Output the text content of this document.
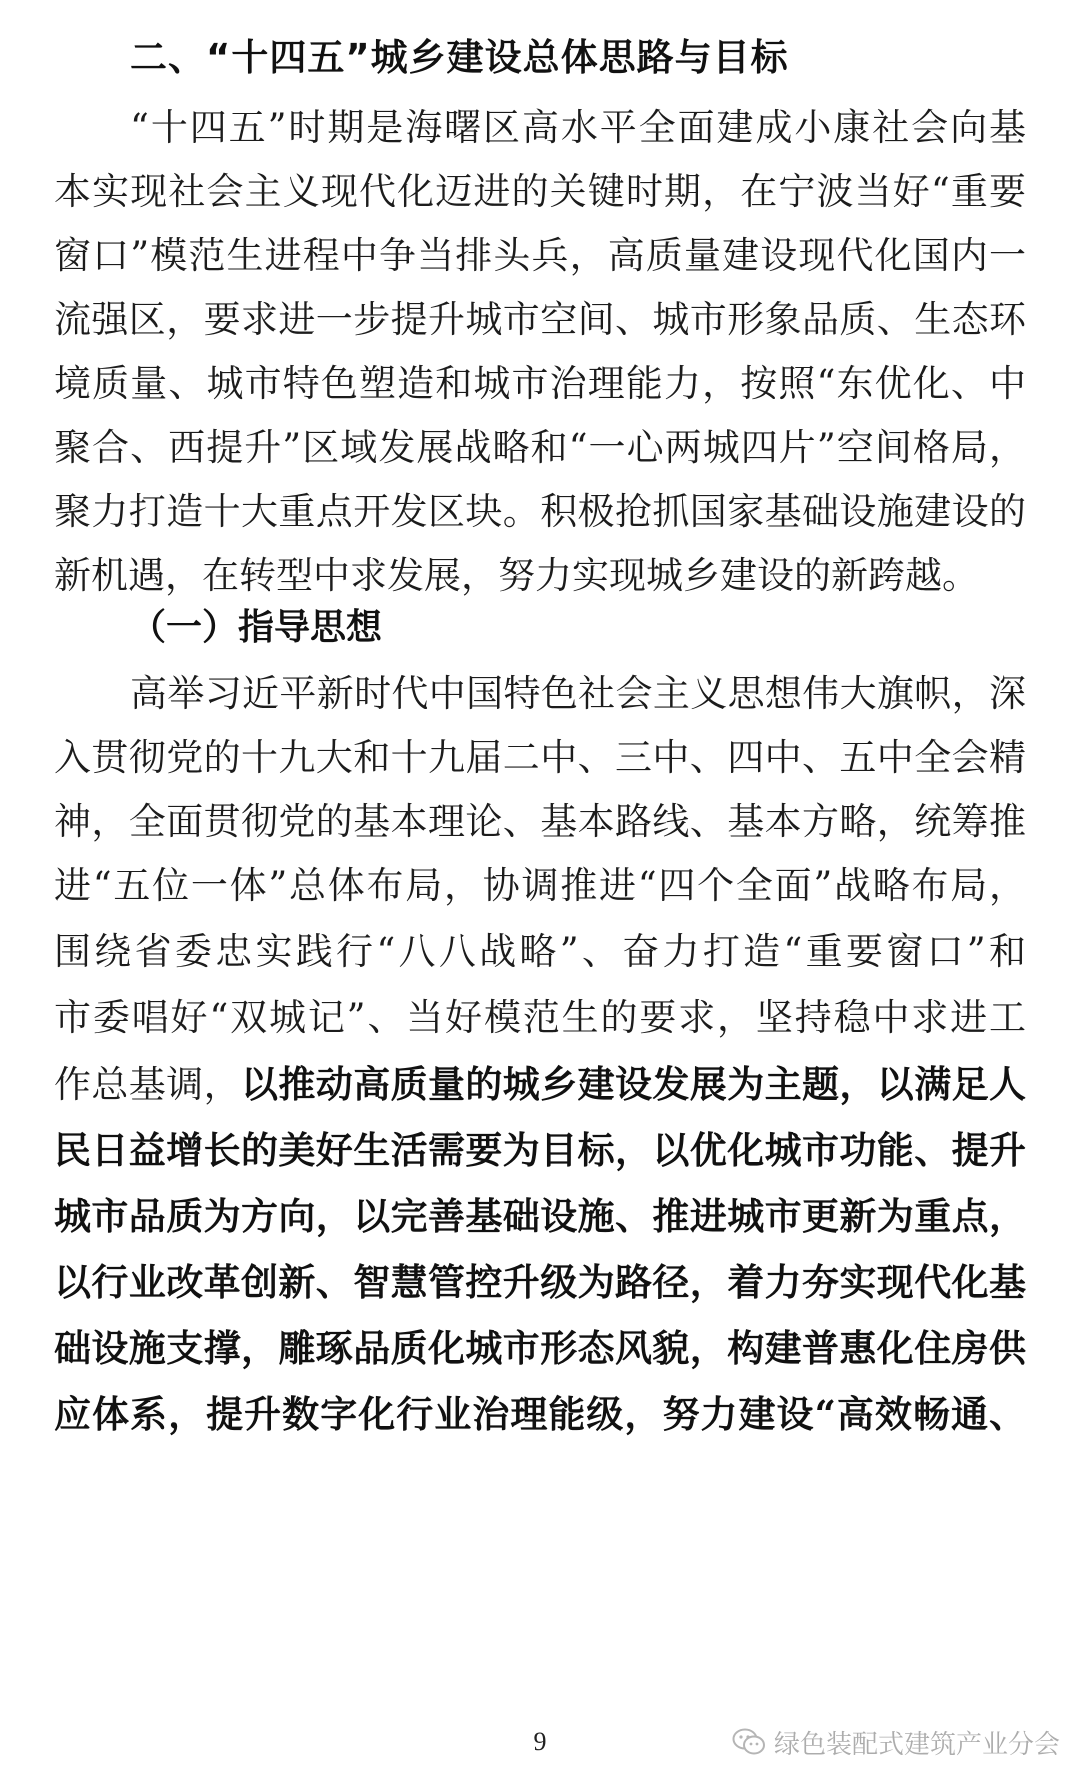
二、“十四五”城乡建设总体思路与目标
“十四五”时期是海曙区高水平全面建成小康社会向基
本实现社会主义现代化迈进的关键时期，在宁波当好“重要
窗口”模范生进程中争当排头兵，高质量建设现代化国内一
流强区，要求进一步提升城市空间、城市形象品质、生态环
境质量、城市特色塑造和城市治理能力，按照“东优化、中
聚合、西提升”区域发展战略和“一心两城四片”空间格局，
聚力打造十大重点开发区块。积极抢抓国家基础设施建设的
新机遇，在转型中求发展，努力实现城乡建设的新跨越。
（一）指导思想
高举习近平新时代中国特色社会主义思想伟大旗帜，深
入贯彻党的十九大和十九届二中、三中、四中、五中全会精
神，全面贯彻党的基本理论、基本路线、基本方略，统筹推
进“五位一体”总体布局，协调推进“四个全面”战略布局，
围绕省委忠实践行“八八战略”、奋力打造“重要窗口”和
市委唱好“双城记”、当好模范生的要求，坚持稳中求进工
作总基调，以推动高质量的城乡建设发展为主题，以满足人
民日益增长的美好生活需要为目标，以优化城市功能、提升
城市品质为方向，以完善基础设施、推进城市更新为重点，
以行业改革创新、智慧管控升级为路径，着力夯实现代化基
础设施支撑，雕琢品质化城市形态风貌，构建普惠化住房供
应体系，提升数字化行业治理能级，努力建设“高效畅通、
9	绿色装配式建筑产业分会
